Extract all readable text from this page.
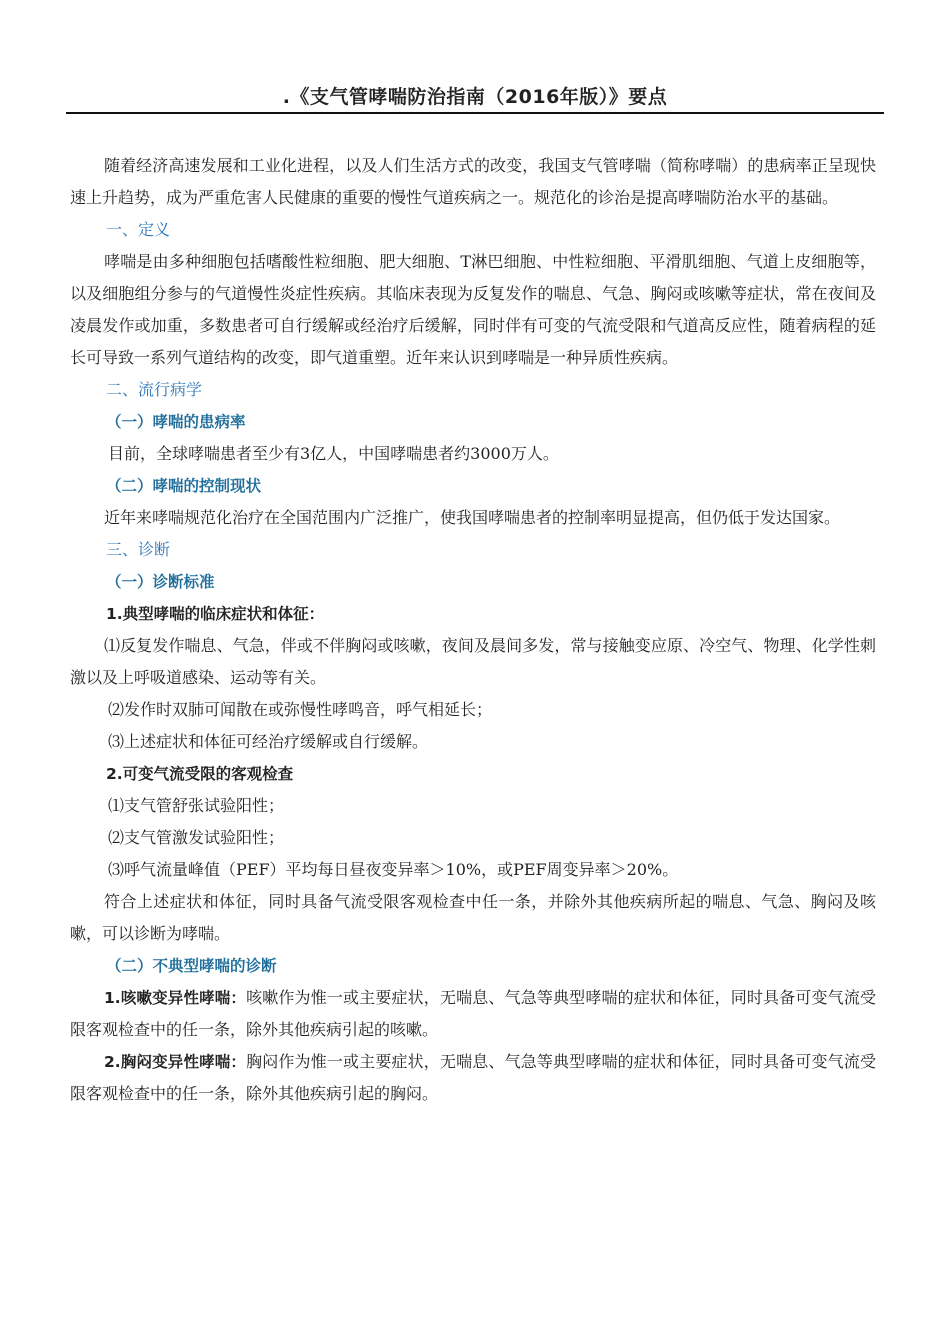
.《支气管哮喘防治指南（2016年版）》要点

随着经济高速发展和工业化进程，以及人们生活方式的改变，我国支气管哮喘（简称哮喘）的患病率正呈现快速上升趋势，成为严重危害人民健康的重要的慢性气道疾病之一。规范化的诊治是提高哮喘防治水平的基础。

一、定义

哮喘是由多种细胞包括嗜酸性粒细胞、肥大细胞、T淋巴细胞、中性粒细胞、平滑肌细胞、气道上皮细胞等，以及细胞组分参与的气道慢性炎症性疾病。其临床表现为反复发作的喘息、气急、胸闷或咳嗽等症状，常在夜间及凌晨发作或加重，多数患者可自行缓解或经治疗后缓解，同时伴有可变的气流受限和气道高反应性，随着病程的延长可导致一系列气道结构的改变，即气道重塑。近年来认识到哮喘是一种异质性疾病。

二、流行病学

（一）哮喘的患病率

目前，全球哮喘患者至少有3亿人，中国哮喘患者约3000万人。

（二）哮喘的控制现状

近年来哮喘规范化治疗在全国范围内广泛推广，使我国哮喘患者的控制率明显提高，但仍低于发达国家。

三、诊断

（一）诊断标准

1.典型哮喘的临床症状和体征：

⑴反复发作喘息、气急，伴或不伴胸闷或咳嗽，夜间及晨间多发，常与接触变应原、冷空气、物理、化学性刺激以及上呼吸道感染、运动等有关。

⑵发作时双肺可闻散在或弥慢性哮鸣音，呼气相延长；

⑶上述症状和体征可经治疗缓解或自行缓解。

2.可变气流受限的客观检查

⑴支气管舒张试验阳性；

⑵支气管激发试验阳性；

⑶呼气流量峰值（PEF）平均每日昼夜变异率＞10%，或PEF周变异率＞20%。

符合上述症状和体征，同时具备气流受限客观检查中任一条，并除外其他疾病所起的喘息、气急、胸闷及咳嗽，可以诊断为哮喘。

（二）不典型哮喘的诊断

1.咳嗽变异性哮喘：咳嗽作为惟一或主要症状，无喘息、气急等典型哮喘的症状和体征，同时具备可变气流受限客观检查中的任一条，除外其他疾病引起的咳嗽。

2.胸闷变异性哮喘：胸闷作为惟一或主要症状，无喘息、气急等典型哮喘的症状和体征，同时具备可变气流受限客观检查中的任一条，除外其他疾病引起的胸闷。
